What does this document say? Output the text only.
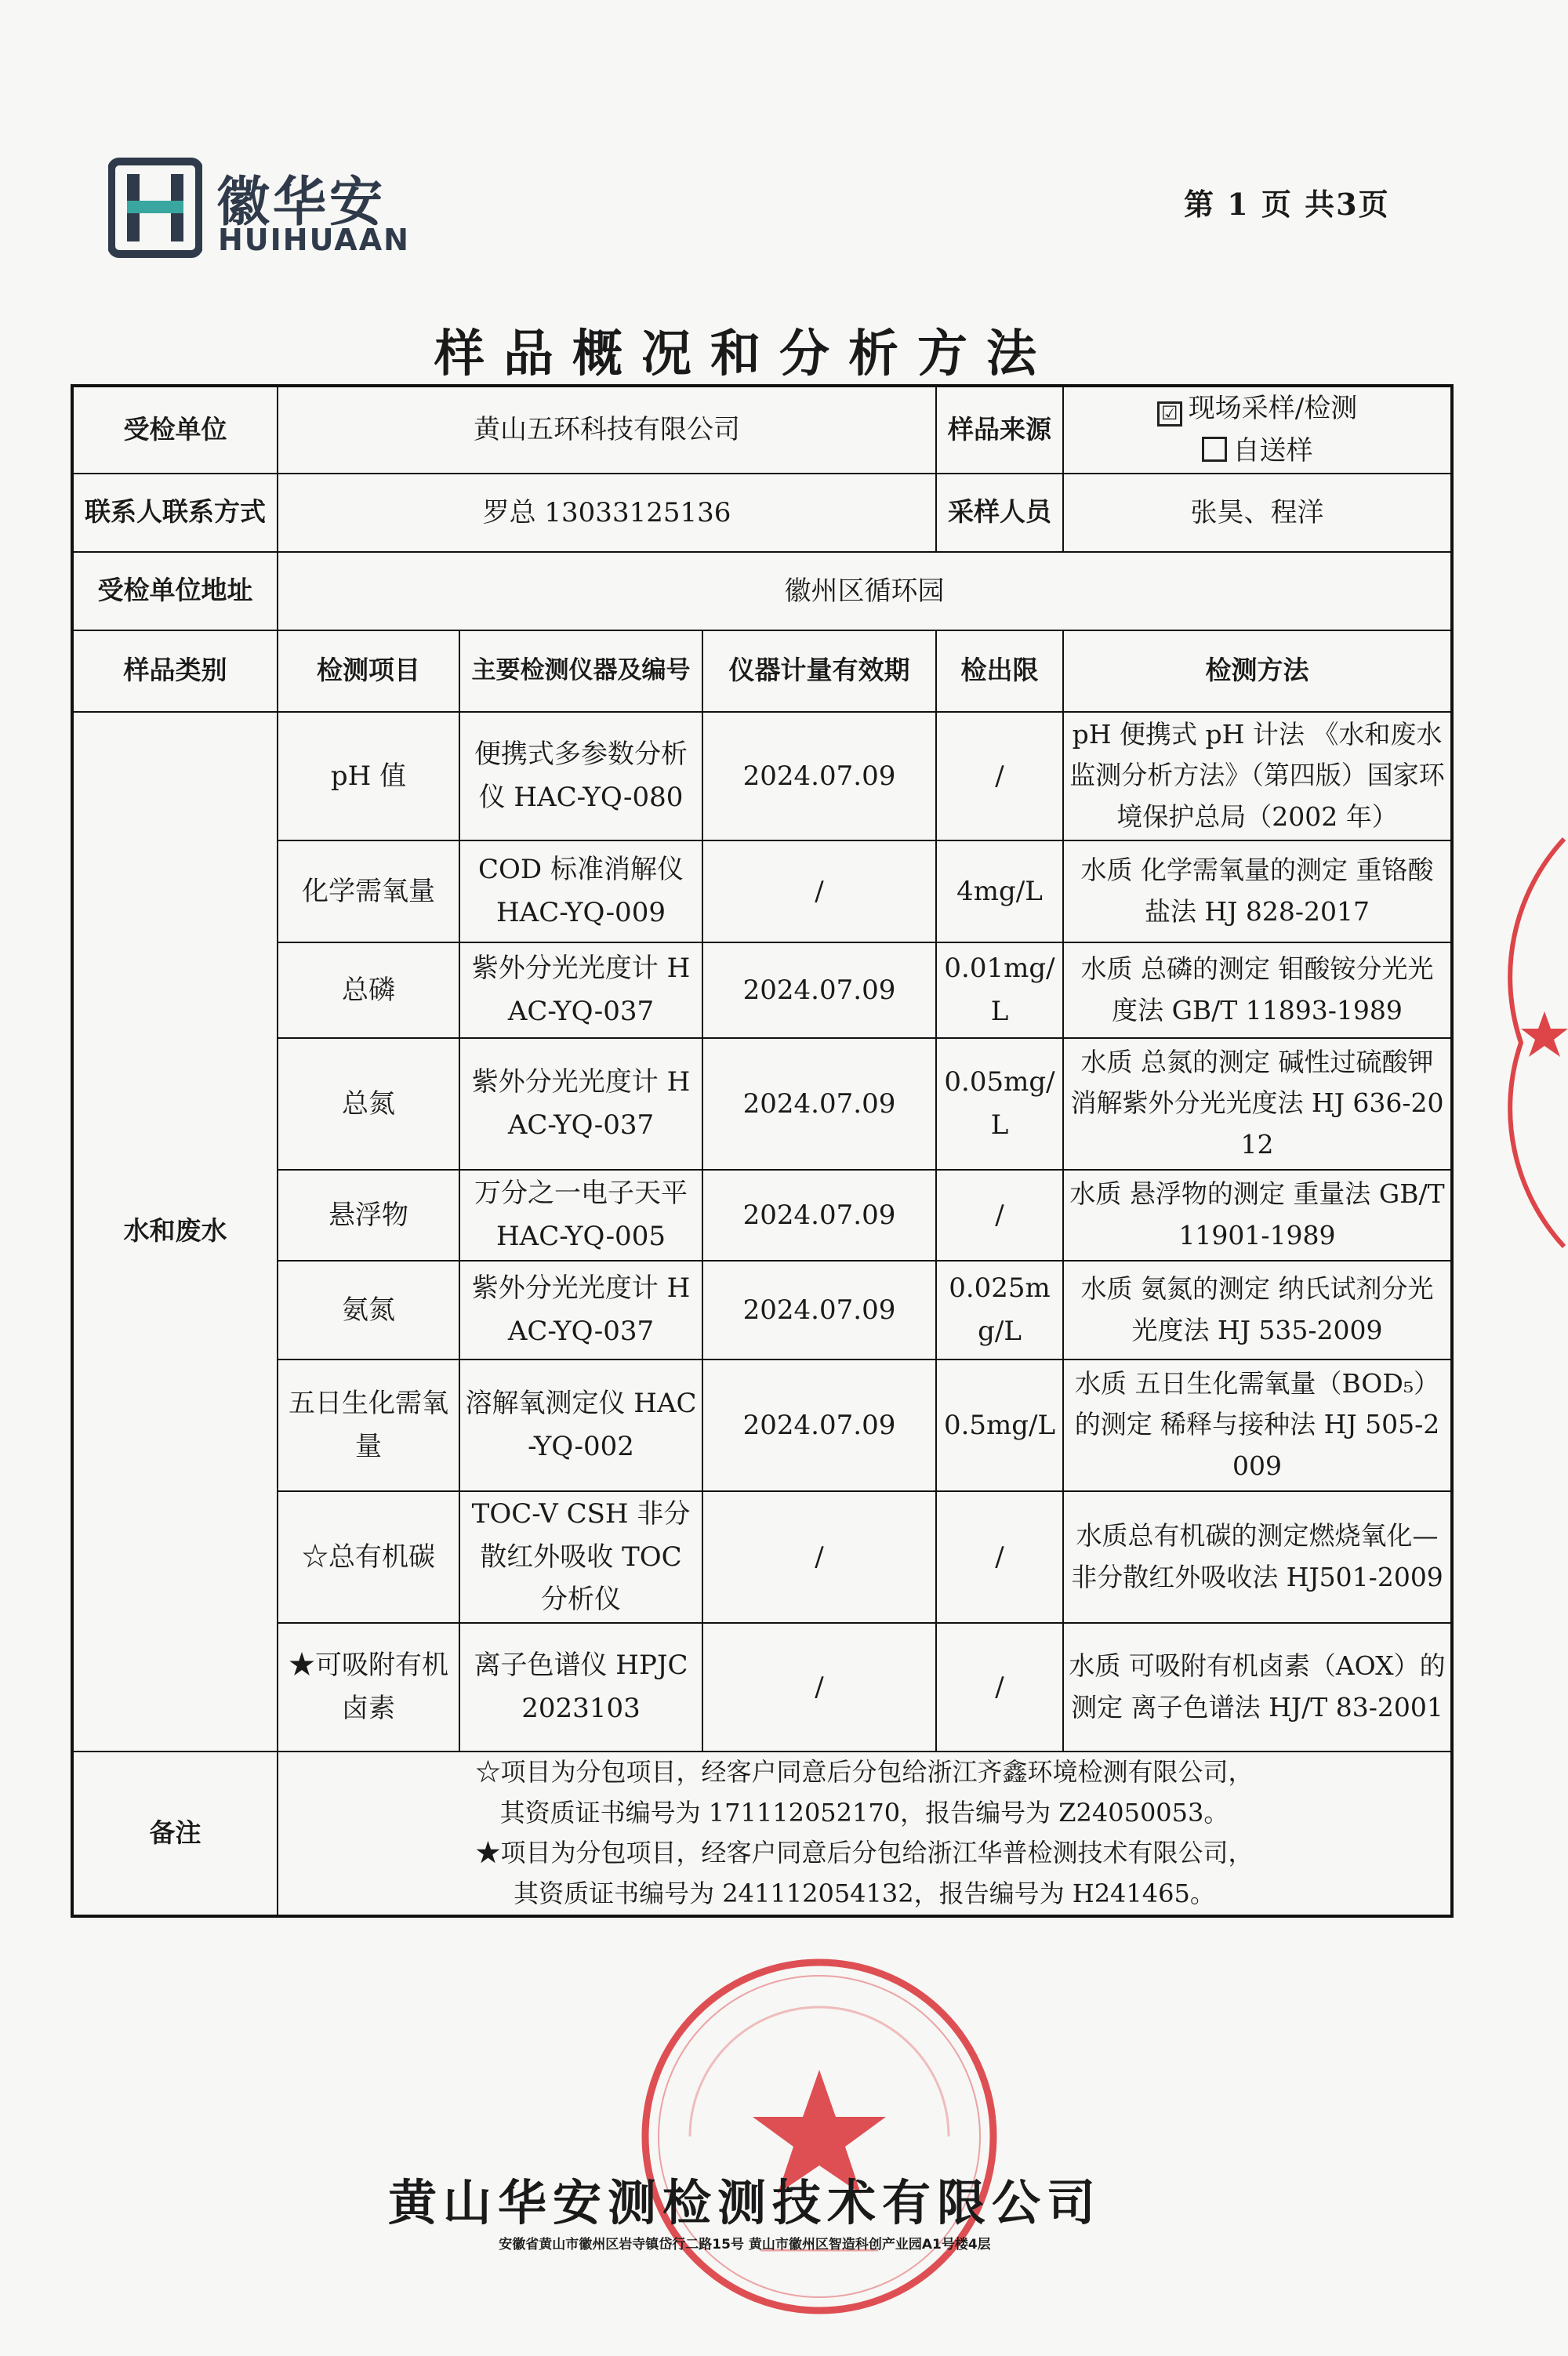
徽华安
HUIHUAAN
第 1 页 共3页
样品概况和分析方法
受检单位	黄山五环科技有限公司			样品来源	☑ 现场采样/检测自送样
联系人联系方式	罗总 13033125136			采样人员	张昊、程洋
受检单位地址	徽州区循环园				
样品类别	检测项目	主要检测仪器及编号	仪器计量有效期	检出限	检测方法
水和废水	pH 值	便携式多参数分析仪 HAC-YQ-080	2024.07.09	/	pH 便携式 pH 计法 《水和废水监测分析方法》（第四版）国家环境保护总局（2002 年）
	化学需氧量	COD 标准消解仪 HAC-YQ-009	/	4mg/L	水质 化学需氧量的测定 重铬酸盐法 HJ 828-2017
	总磷	紫外分光光度计 HAC-YQ-037	2024.07.09	0.01mg/L	水质 总磷的测定 钼酸铵分光光度法 GB/T 11893-1989
	总氮	紫外分光光度计 HAC-YQ-037	2024.07.09	0.05mg/L	水质 总氮的测定 碱性过硫酸钾消解紫外分光光度法 HJ 636-2012
	悬浮物	万分之一电子天平 HAC-YQ-005	2024.07.09	/	水质 悬浮物的测定 重量法 GB/T 11901-1989
	氨氮	紫外分光光度计 HAC-YQ-037	2024.07.09	0.025mg/L	水质 氨氮的测定 纳氏试剂分光光度法 HJ 535-2009
	五日生化需氧量	溶解氧测定仪 HAC-YQ-002	2024.07.09	0.5mg/L	水质 五日生化需氧量（BOD₅）的测定 稀释与接种法 HJ 505-2009
	☆总有机碳	TOC-V CSH 非分散红外吸收 TOC 分析仪	/	/	水质总有机碳的测定燃烧氧化—非分散红外吸收法 HJ501-2009
	★可吸附有机卤素	离子色谱仪 HPJC 2023103	/	/	水质 可吸附有机卤素（AOX）的测定 离子色谱法 HJ/T 83-2001
备注	☆项目为分包项目，经客户同意后分包给浙江齐鑫环境检测有限公司，
其资质证书编号为 171112052170，报告编号为 Z24050053。
★项目为分包项目，经客户同意后分包给浙江华普检测技术有限公司，
其资质证书编号为 241112054132，报告编号为 H241465。				
黄山华安测检测技术有限公司
安徽省黄山市徽州区岩寺镇岱行二路15号 黄山市徽州区智造科创产业园A1号楼4层
